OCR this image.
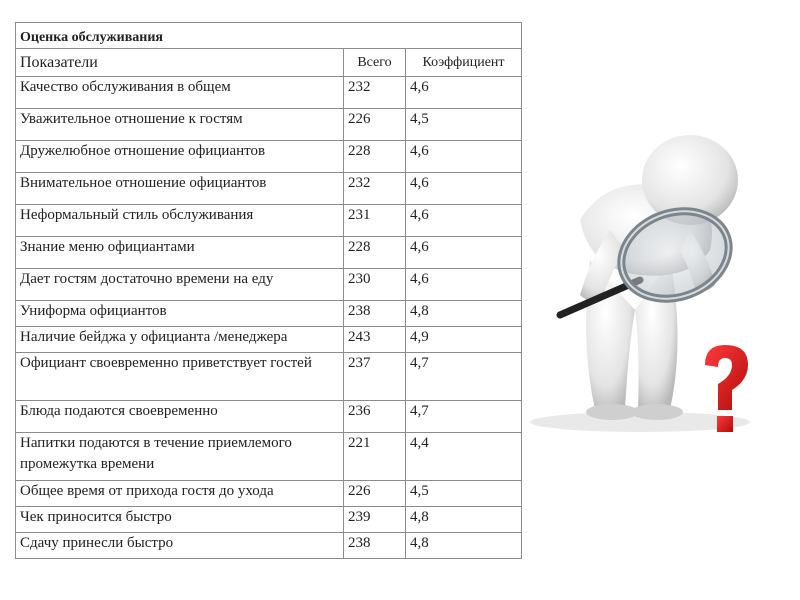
Оценка обслуживания		
Показатели	Всего	Коэффициент
Качество обслуживания в общем	232	4,6
Уважительное отношение к гостям	226	4,5
Дружелюбное отношение официантов	228	4,6
Внимательное отношение официантов	232	4,6
Неформальный стиль обслуживания	231	4,6
Знание меню официантами	228	4,6
Дает гостям достаточно времени на еду	230	4,6
Униформа официантов	238	4,8
Наличие бейджа у официанта /менеджера	243	4,9
Официант своевременно приветствует гостей	237	4,7
Блюда подаются своевременно	236	4,7
Напитки подаются в течение приемлемого промежутка времени	221	4,4
Общее время от прихода гостя до ухода	226	4,5
Чек приносится быстро	239	4,8
Сдачу принесли быстро	238	4,8
